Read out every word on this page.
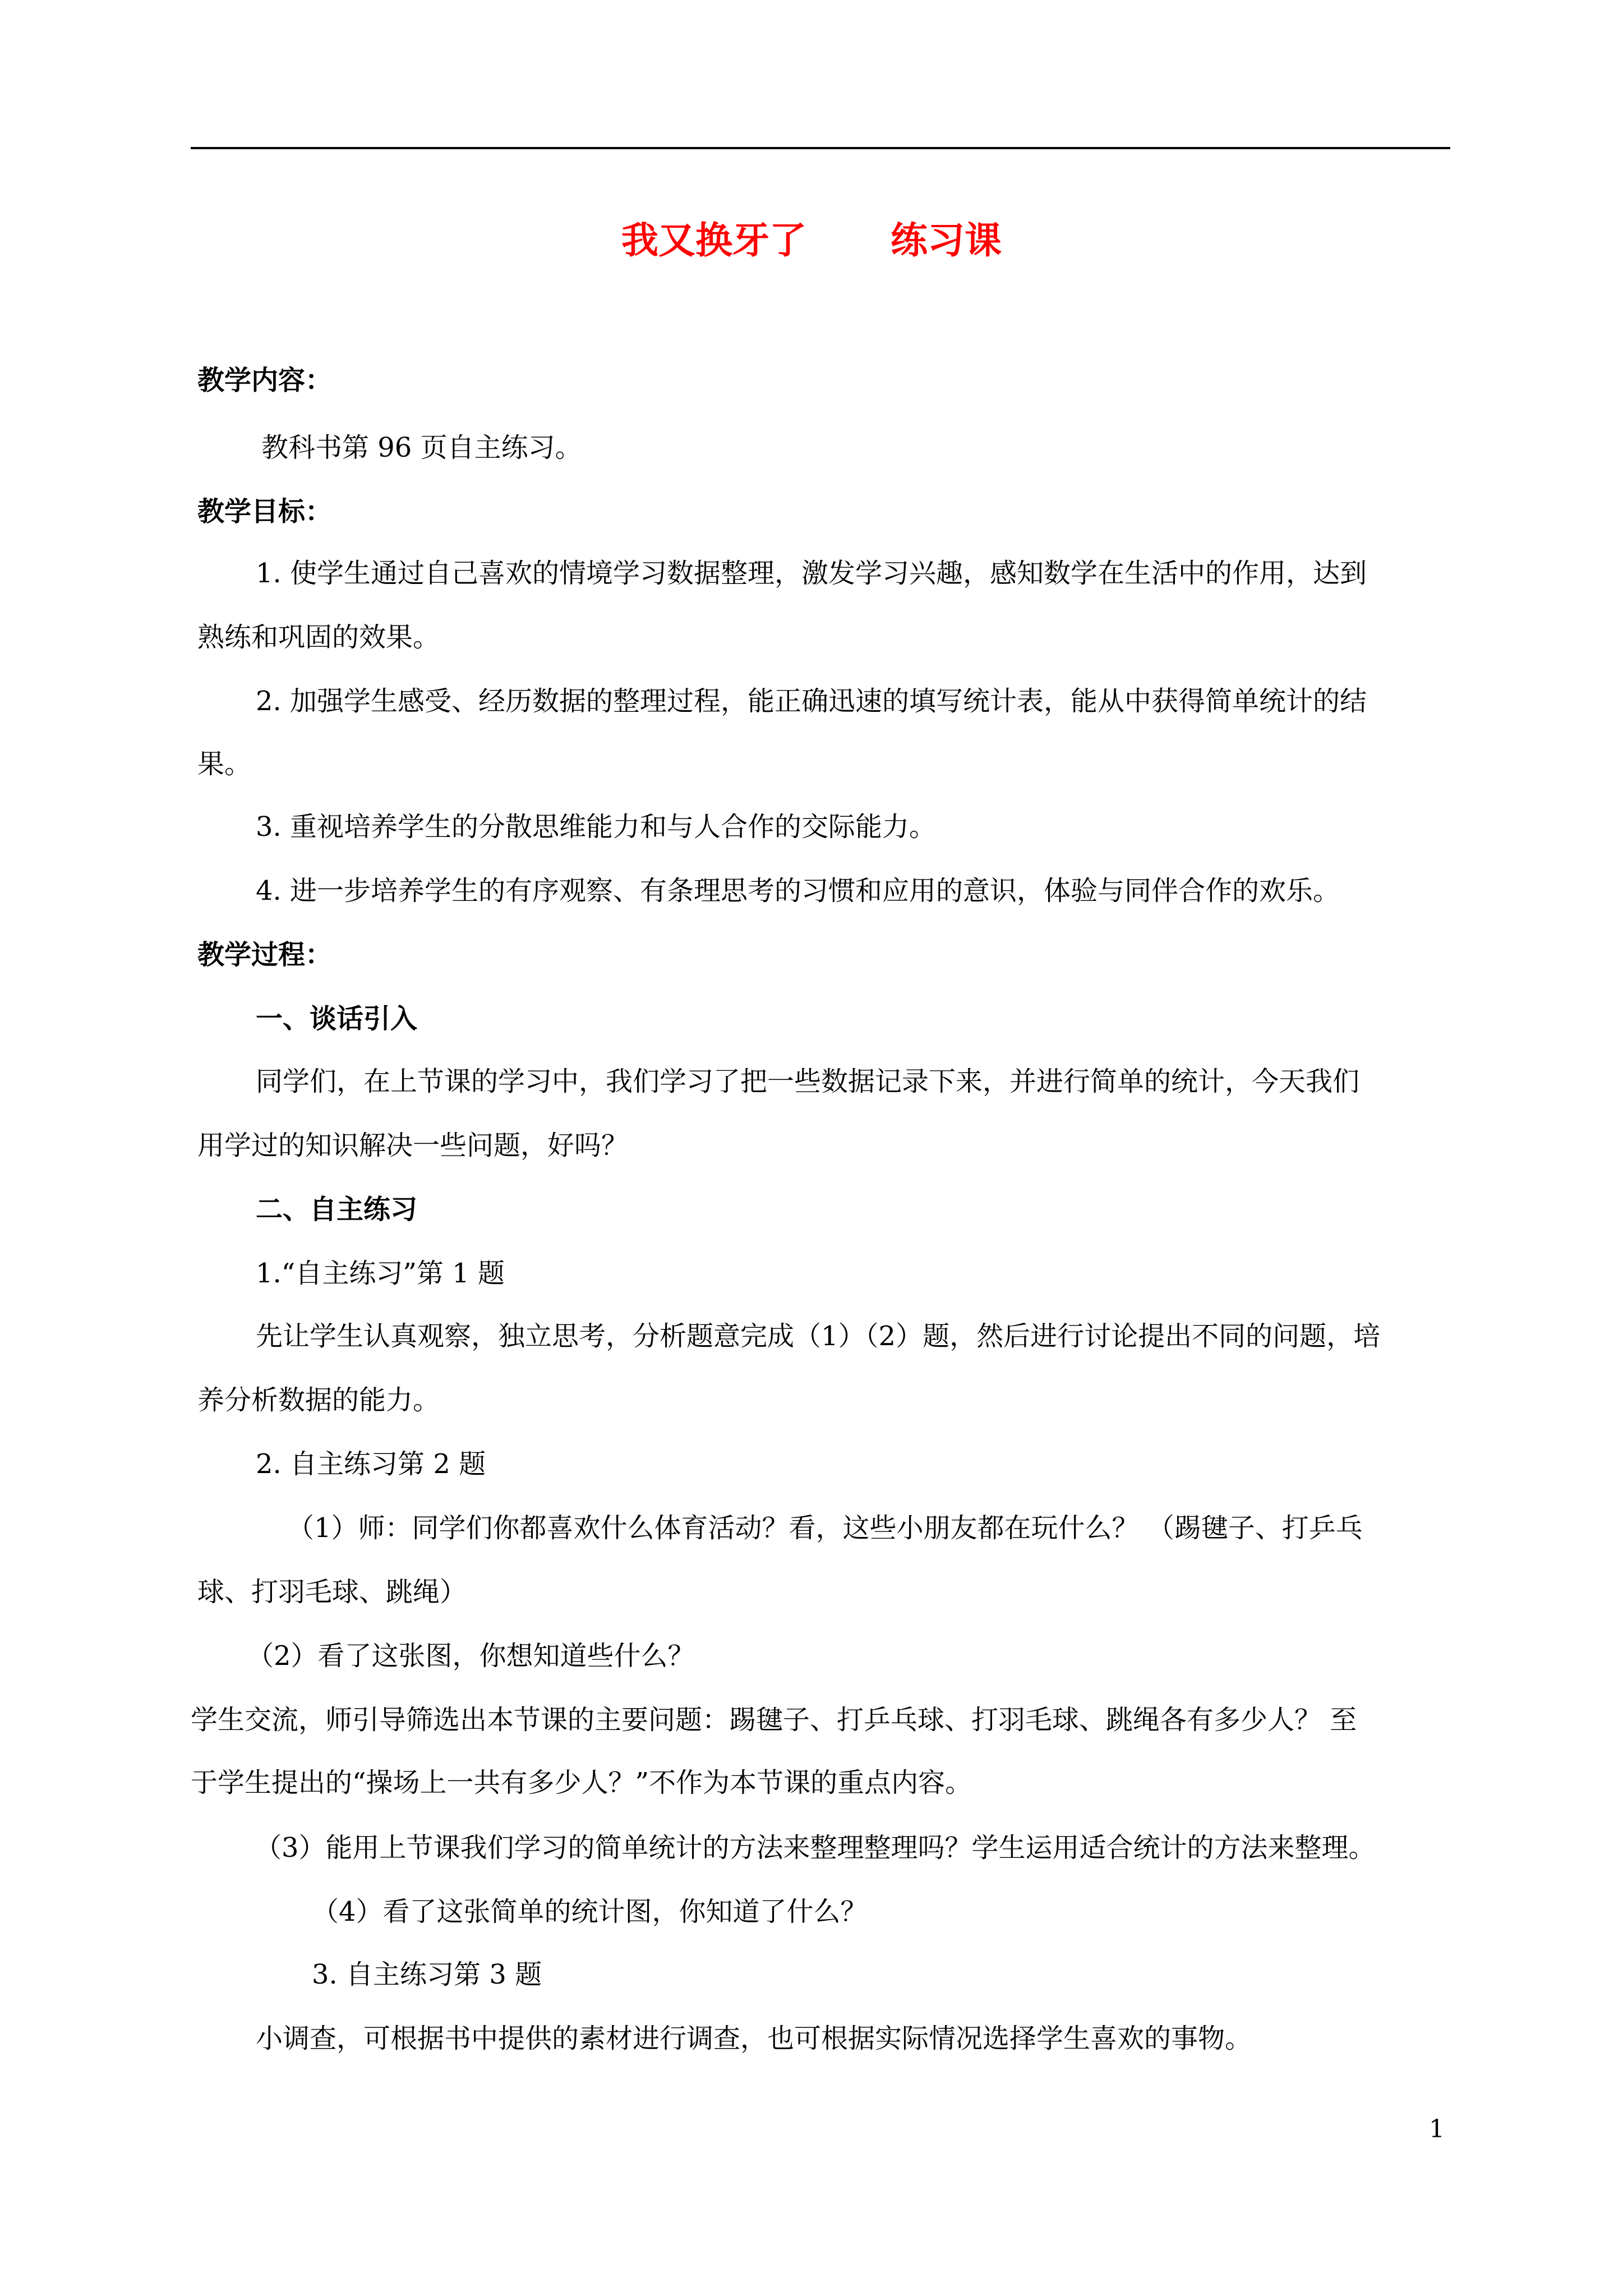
我又换牙了 练习课
教学内容：
教科书第 96 页自主练习。
教学目标：
1. 使学生通过自己喜欢的情境学习数据整理，激发学习兴趣，感知数学在生活中的作用，达到
熟练和巩固的效果。
2. 加强学生感受、经历数据的整理过程，能正确迅速的填写统计表，能从中获得简单统计的结
果。
3. 重视培养学生的分散思维能力和与人合作的交际能力。
4. 进一步培养学生的有序观察、有条理思考的习惯和应用的意识，体验与同伴合作的欢乐。
教学过程：
一、谈话引入
同学们，在上节课的学习中，我们学习了把一些数据记录下来，并进行简单的统计，今天我们
用学过的知识解决一些问题，好吗？
二、自主练习
1.“自主练习”第 1 题
先让学生认真观察，独立思考，分析题意完成（1）（2）题，然后进行讨论提出不同的问题，培
养分析数据的能力。
2. 自主练习第 2 题
（1）师：同学们你都喜欢什么体育活动？看，这些小朋友都在玩什么？ （踢毽子、打乒乓
球、打羽毛球、跳绳）
（2）看了这张图，你想知道些什么？
学生交流，师引导筛选出本节课的主要问题：踢毽子、打乒乓球、打羽毛球、跳绳各有多少人？ 至
于学生提出的“操场上一共有多少人？”不作为本节课的重点内容。
（3）能用上节课我们学习的简单统计的方法来整理整理吗？学生运用适合统计的方法来整理。
（4）看了这张简单的统计图，你知道了什么？
3. 自主练习第 3 题
小调查，可根据书中提供的素材进行调查，也可根据实际情况选择学生喜欢的事物。
1
